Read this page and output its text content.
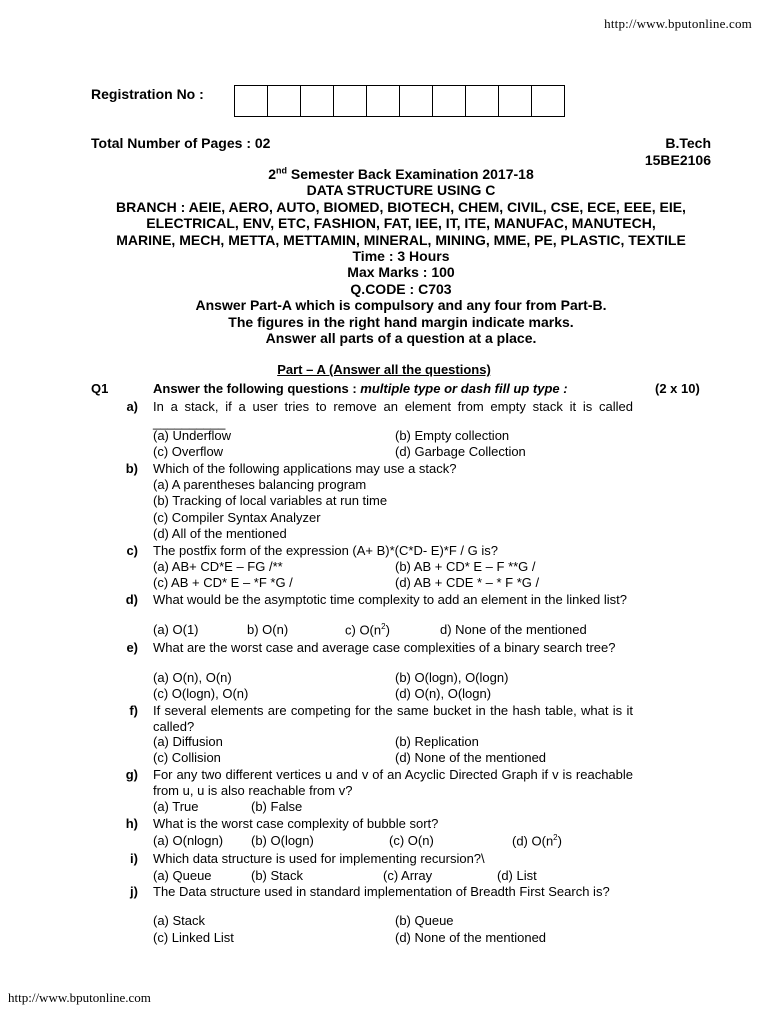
http://www.bputonline.com
Registration No :
Total Number of Pages : 02	B.Tech
15BE2106
2nd Semester Back Examination 2017-18
DATA STRUCTURE USING C
BRANCH : AEIE, AERO, AUTO, BIOMED, BIOTECH, CHEM, CIVIL, CSE, ECE, EEE, EIE,
ELECTRICAL, ENV, ETC, FASHION, FAT, IEE, IT, ITE, MANUFAC, MANUTECH,
MARINE, MECH, METTA, METTAMIN, MINERAL, MINING, MME, PE, PLASTIC, TEXTILE
Time : 3 Hours
Max Marks : 100
Q.CODE : C703
Answer Part-A which is compulsory and any four from Part-B.
The figures in the right hand margin indicate marks.
Answer all parts of a question at a place.
Part – A (Answer all the questions)
Q1	Answer the following questions : multiple type or dash fill up type :	(2 x 10)
a) In a stack, if a user tries to remove an element from empty stack it is called __________
(a) Underflow	(b) Empty collection
(c) Overflow	(d) Garbage Collection
b) Which of the following applications may use a stack?
(a) A parentheses balancing program
(b) Tracking of local variables at run time
(c) Compiler Syntax Analyzer
(d) All of the mentioned
c) The postfix form of the expression (A+ B)*(C*D- E)*F / G is?
(a) AB+ CD*E – FG /**	(b) AB + CD* E – F **G /
(c) AB + CD* E – *F *G /	(d) AB + CDE * – * F *G /
d) What would be the asymptotic time complexity to add an element in the linked list?
(a) O(1)	b) O(n)	c) $O(n^2)$	d) None of the mentioned
e) What are the worst case and average case complexities of a binary search tree?
(a) O(n), O(n)	(b) O(logn), O(logn)
(c) O(logn), O(n)	(d) O(n), O(logn)
f) If several elements are competing for the same bucket in the hash table, what is it called?
(a) Diffusion	(b) Replication
(c) Collision	(d) None of the mentioned
g) For any two different vertices u and v of an Acyclic Directed Graph if v is reachable from u, u is also reachable from v?
(a) True	(b) False
h) What is the worst case complexity of bubble sort?
(a) O(nlogn) (b) O(logn)	(c) O(n)	(d) $O(n^2)$
i) Which data structure is used for implementing recursion?\
(a) Queue	(b) Stack	(c) Array	(d) List
j) The Data structure used in standard implementation of Breadth First Search is?
(a) Stack	(b) Queue
(c) Linked List	(d) None of the mentioned
http://www.bputonline.com
